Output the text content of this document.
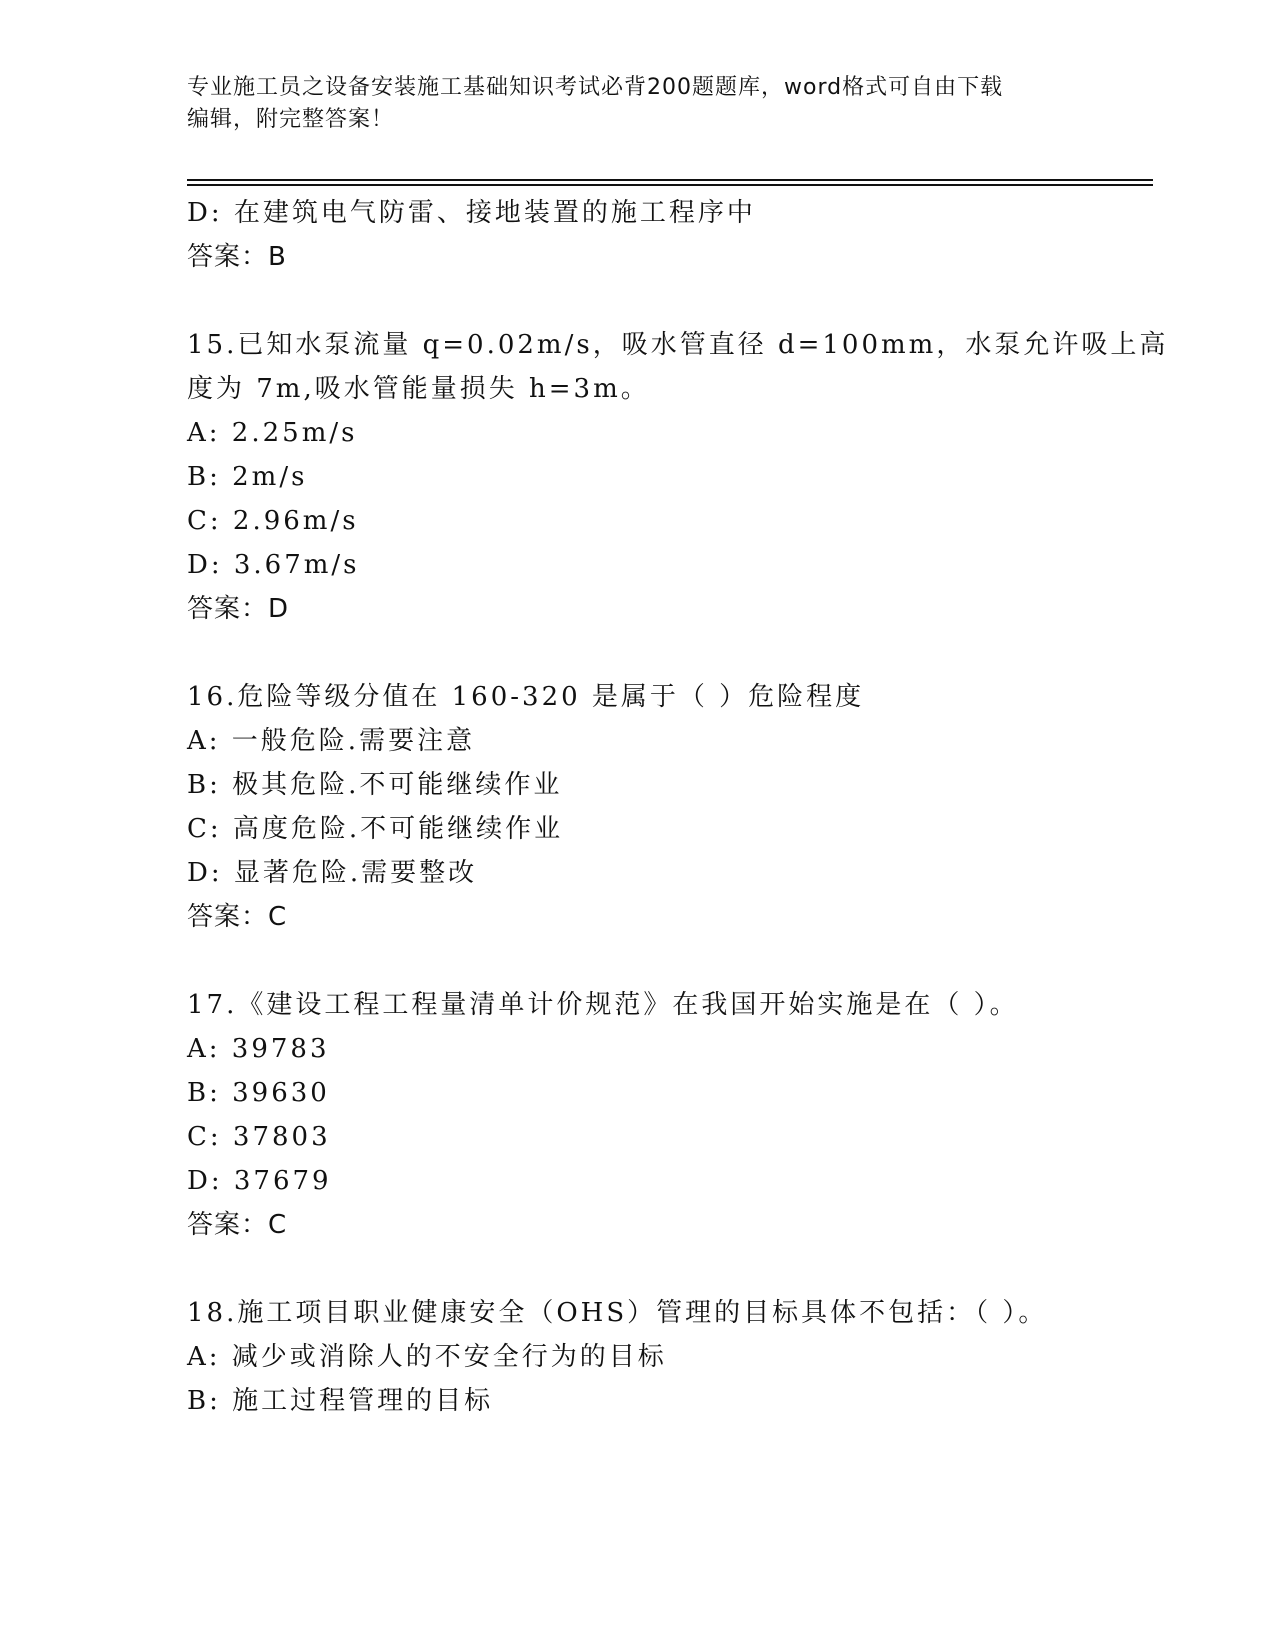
专业施工员之设备安装施工基础知识考试必背200题题库，word格式可自由下载
编辑，附完整答案！
D: 在建筑电气防雷、接地装置的施工程序中
答案：B
15.已知水泵流量 q=0.02m/s，吸水管直径 d=100mm，水泵允许吸上高
度为 7m,吸水管能量损失 h=3m。
A: 2.25m/s
B: 2m/s
C: 2.96m/s
D: 3.67m/s
答案：D
16.危险等级分值在 160-320 是属于（ ）危险程度
A: 一般危险.需要注意
B: 极其危险.不可能继续作业
C: 高度危险.不可能继续作业
D: 显著危险.需要整改
答案：C
17.《建设工程工程量清单计价规范》在我国开始实施是在（ ）。
A: 39783
B: 39630
C: 37803
D: 37679
答案：C
18.施工项目职业健康安全（OHS）管理的目标具体不包括：（ ）。
A: 减少或消除人的不安全行为的目标
B: 施工过程管理的目标
